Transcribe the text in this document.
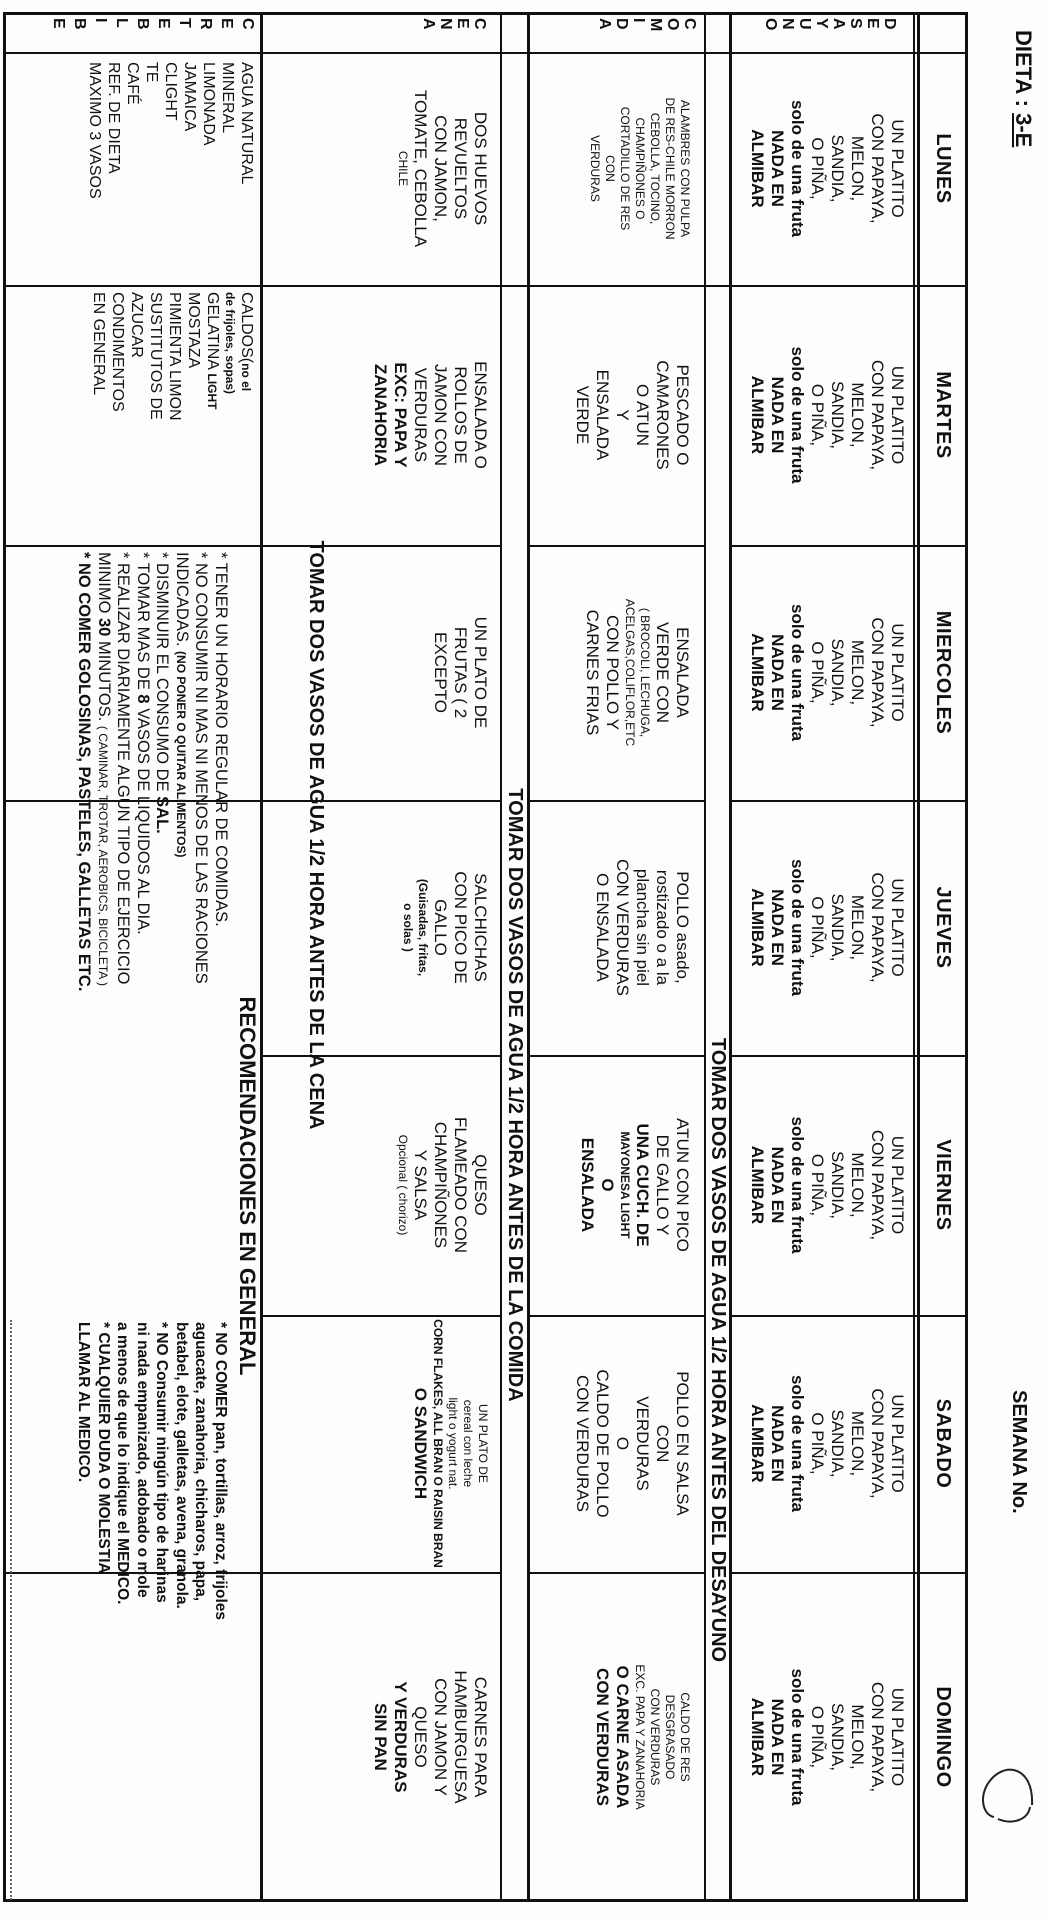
DIETA : 3-E
SEMANA No.
LUNES
MARTES
MIERCOLES
JUEVES
VIERNES
SABADO
DOMINGO
D
E
S
A
Y
U
N
O
C
O
M
I
D
A
C
E
N
A
C
E
R
T
E
B
L
I
B
E
UN PLATITO
CON PAPAYA,
MELON,
SANDIA,
O PIÑA,
solo de una fruta
NADA EN
ALMIBAR
UN PLATITO
CON PAPAYA,
MELON,
SANDIA,
O PIÑA,
solo de una fruta
NADA EN
ALMIBAR
UN PLATITO
CON PAPAYA,
MELON,
SANDIA,
O PIÑA,
solo de una fruta
NADA EN
ALMIBAR
UN PLATITO
CON PAPAYA,
MELON,
SANDIA,
O PIÑA,
solo de una fruta
NADA EN
ALMIBAR
UN PLATITO
CON PAPAYA,
MELON,
SANDIA,
O PIÑA,
solo de una fruta
NADA EN
ALMIBAR
UN PLATITO
CON PAPAYA,
MELON,
SANDIA,
O PIÑA,
solo de una fruta
NADA EN
ALMIBAR
UN PLATITO
CON PAPAYA,
MELON,
SANDIA,
O PIÑA,
solo de una fruta
NADA EN
ALMIBAR
TOMAR DOS VASOS DE AGUA 1/2 HORA ANTES DEL DESAYUNO
TOMAR DOS VASOS DE AGUA 1/2 HORA ANTES DE LA COMIDA
TOMAR DOS VASOS DE AGUA 1/2 HORA ANTES DE LA CENA
ALAMBRES CON PULPA
DE RES-CHILE MORRON
CEBOLLA, TOCINO,
CHAMPIÑONES O
CORTADILLO DE RES
CON
VERDURAS
PESCADO O
CAMARONES
O ATUN
Y
ENSALADA
VERDE
ENSALADA
VERDE CON
( BROCOLI, LECHUGA,
ACELGAS,COLIFLOR,ETC
CON POLLO Y
CARNES FRIAS
POLLO asado,
rostizado o a la
plancha sin piel
CON VERDURAS
O ENSALADA
ATUN CON PICO
DE GALLO Y
UNA CUCH. DE
MAYONESA LIGHT
O
ENSALADA
POLLO EN SALSA
CON
VERDURAS
O
CALDO DE POLLO
CON VERDURAS
CALDO DE RES
DESGRASADO
CON VERDURAS
EXC. PAPA Y ZANAHORIA
O CARNE ASADA
CON VERDURAS
DOS HUEVOS
REVUELTOS
CON JAMON,
TOMATE, CEBOLLA
CHILE
ENSALADA O
ROLLOS DE
JAMON CON
VERDURAS
EXC: PAPA Y
ZANAHORIA
UN PLATO DE
FRUTAS ( 2
EXCEPTO
SALCHICHAS
CON PICO DE
GALLO
(Guisadas, fritas,
o solas )
QUESO
FLAMEADO CON
CHAMPIÑONES
Y SALSA
Opcional ( chorizo)
UN PLATO DE
cereal con leche
light o yogurt nat.
CORN FLAKES, ALL BRAN O RAISIN BRAN
O SANDWICH
CARNES PARA
HAMBURGUESA
CON JAMON Y
QUESO
Y VERDURAS
SIN PAN
AGUA NATURAL
MINERAL
LIMONADA
JAMAICA
CLIGHT
TE
CAFÉ
REF. DE DIETA
MAXIMO 3 VASOS
CALDOS(no el
de frijoles, sopas)
GELATINA LIGHT
MOSTAZA
PIMIENTA LIMON
SUSTITUTOS DE
AZUCAR
CONDIMENTOS
EN GENERAL
RECOMENDACIONES EN GENERAL
* TENER UN HORARIO REGULAR DE COMIDAS.
* NO CONSUMIR NI MAS NI MENOS DE LAS RACIONES
INDICADAS. (NO PONER O QUITAR ALIMENTOS)
* DISMINUIR EL CONSUMO DE SAL.
* TOMAR MAS DE 8 VASOS DE LIQUIDOS AL DIA.
* REALIZAR DIARIAMENTE ALGUN TIPO DE EJERCICIO
MINIMO 30 MINUTOS. ( CAMINAR, TROTAR, AEROBICS, BICICLETA )
* NO COMER GOLOSINAS, PASTELES, GALLETAS ETC.
* NO COMER pan, tortillas, arroz, frijoles
aguacate, zanahoria, chicharos, papa,
betabel, elote, galletas, avena, granola.
* NO Consumir ningún tipo de harinas
ni nada empanizado, adobado o mole
a menos de que lo indique el MEDICO.
* CUALQUIER DUDA O MOLESTIA
LLAMAR AL MEDICO.
